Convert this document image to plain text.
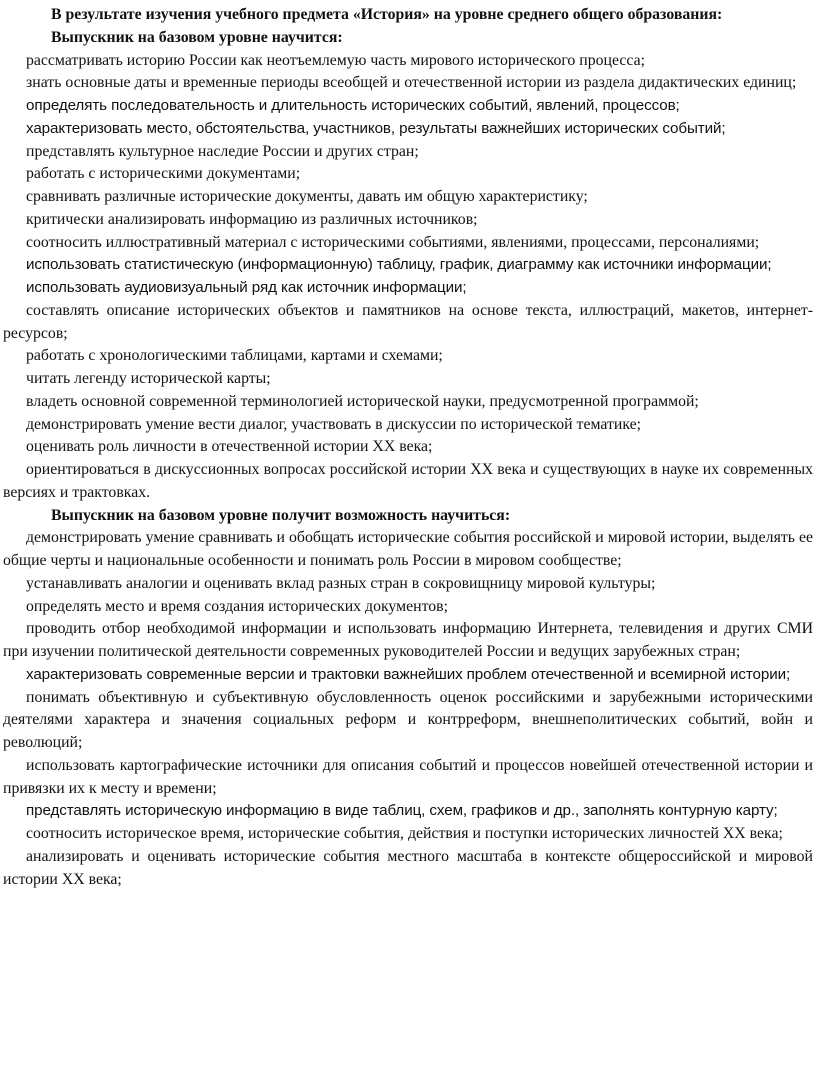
В результате изучения учебного предмета «История» на уровне среднего общего образования:

Выпускник на базовом уровне научится:

рассматривать историю России как неотъемлемую часть мирового исторического процесса;

знать основные даты и временные периоды всеобщей и отечественной истории из раздела дидактических единиц;

определять последовательность и длительность исторических событий, явлений, процессов;

характеризовать место, обстоятельства, участников, результаты важнейших исторических событий;

представлять культурное наследие России и других стран;

работать с историческими документами;

сравнивать различные исторические документы, давать им общую характеристику;

критически анализировать информацию из различных источников;

соотносить иллюстративный материал с историческими событиями, явлениями, процессами, персоналиями;

использовать статистическую (информационную) таблицу, график, диаграмму как источники информации;

использовать аудиовизуальный ряд как источник информации;

составлять описание исторических объектов и памятников на основе текста, иллюстраций, макетов, интернет-ресурсов;

работать с хронологическими таблицами, картами и схемами;

читать легенду исторической карты;

владеть основной современной терминологией исторической науки, предусмотренной программой;

демонстрировать умение вести диалог, участвовать в дискуссии по исторической тематике;

оценивать роль личности в отечественной истории ХХ века;

ориентироваться в дискуссионных вопросах российской истории ХХ века и существующих в науке их современных версиях и трактовках.

Выпускник на базовом уровне получит возможность научиться:

демонстрировать умение сравнивать и обобщать исторические события российской и мировой истории, выделять ее общие черты и национальные особенности и понимать роль России в мировом сообществе;

устанавливать аналогии и оценивать вклад разных стран в сокровищницу мировой культуры;

определять место и время создания исторических документов;

проводить отбор необходимой информации и использовать информацию Интернета, телевидения и других СМИ при изучении политической деятельности современных руководителей России и ведущих зарубежных стран;

характеризовать современные версии и трактовки важнейших проблем отечественной и всемирной истории;

понимать объективную и субъективную обусловленность оценок российскими и зарубежными историческими деятелями характера и значения социальных реформ и контрреформ, внешнеполитических событий, войн и революций;

использовать картографические источники для описания событий и процессов новейшей отечественной истории и привязки их к месту и времени;

представлять историческую информацию в виде таблиц, схем, графиков и др., заполнять контурную карту;

соотносить историческое время, исторические события, действия и поступки исторических личностей ХХ века;

анализировать и оценивать исторические события местного масштаба в контексте общероссийской и мировой истории ХХ века;
